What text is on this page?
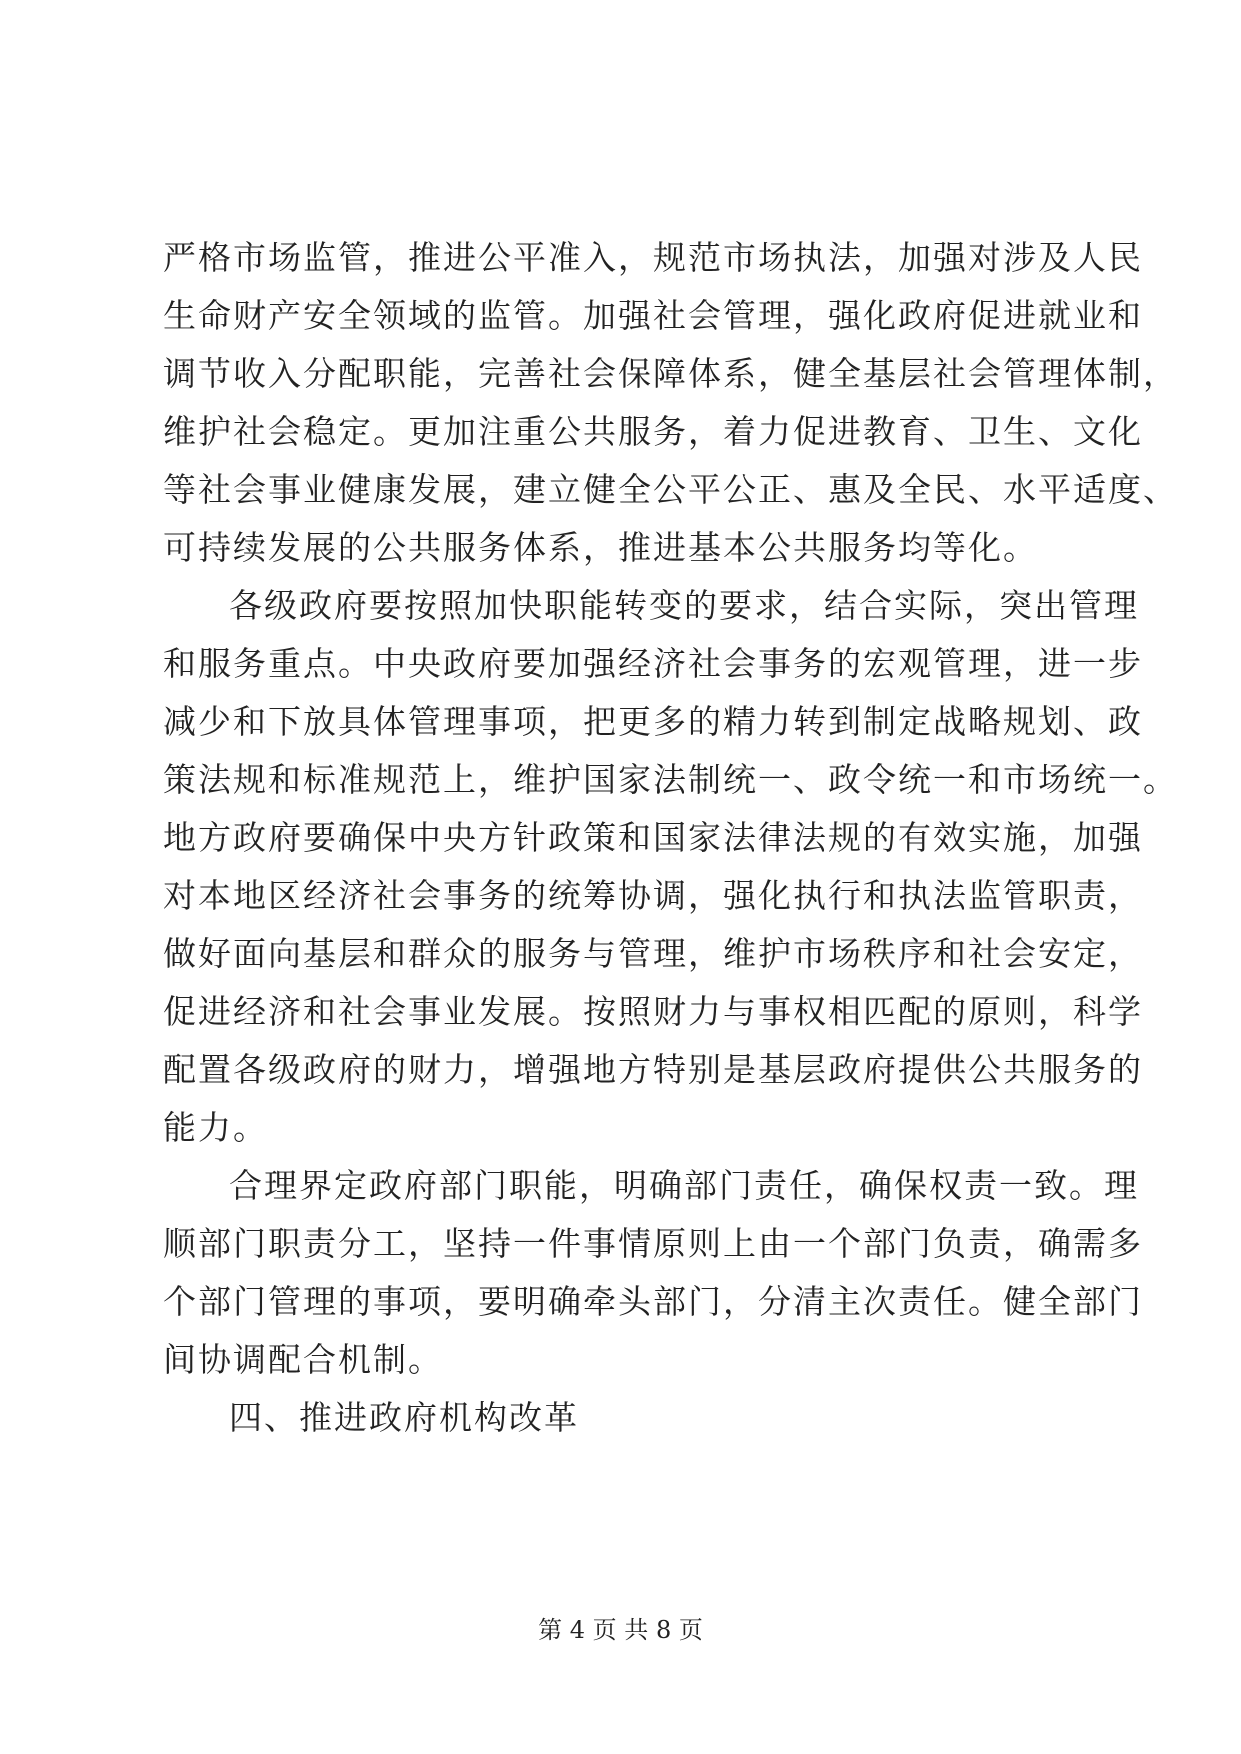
严格市场监管，推进公平准入，规范市场执法，加强对涉及人民
生命财产安全领域的监管。加强社会管理，强化政府促进就业和
调节收入分配职能，完善社会保障体系，健全基层社会管理体制，
维护社会稳定。更加注重公共服务，着力促进教育、卫生、文化
等社会事业健康发展，建立健全公平公正、惠及全民、水平适度、
可持续发展的公共服务体系，推进基本公共服务均等化。
各级政府要按照加快职能转变的要求，结合实际，突出管理
和服务重点。中央政府要加强经济社会事务的宏观管理，进一步
减少和下放具体管理事项，把更多的精力转到制定战略规划、政
策法规和标准规范上，维护国家法制统一、政令统一和市场统一。
地方政府要确保中央方针政策和国家法律法规的有效实施，加强
对本地区经济社会事务的统筹协调，强化执行和执法监管职责，
做好面向基层和群众的服务与管理，维护市场秩序和社会安定，
促进经济和社会事业发展。按照财力与事权相匹配的原则，科学
配置各级政府的财力，增强地方特别是基层政府提供公共服务的
能力。
合理界定政府部门职能，明确部门责任，确保权责一致。理
顺部门职责分工，坚持一件事情原则上由一个部门负责，确需多
个部门管理的事项，要明确牵头部门，分清主次责任。健全部门
间协调配合机制。
四、推进政府机构改革
第 4 页 共 8 页
